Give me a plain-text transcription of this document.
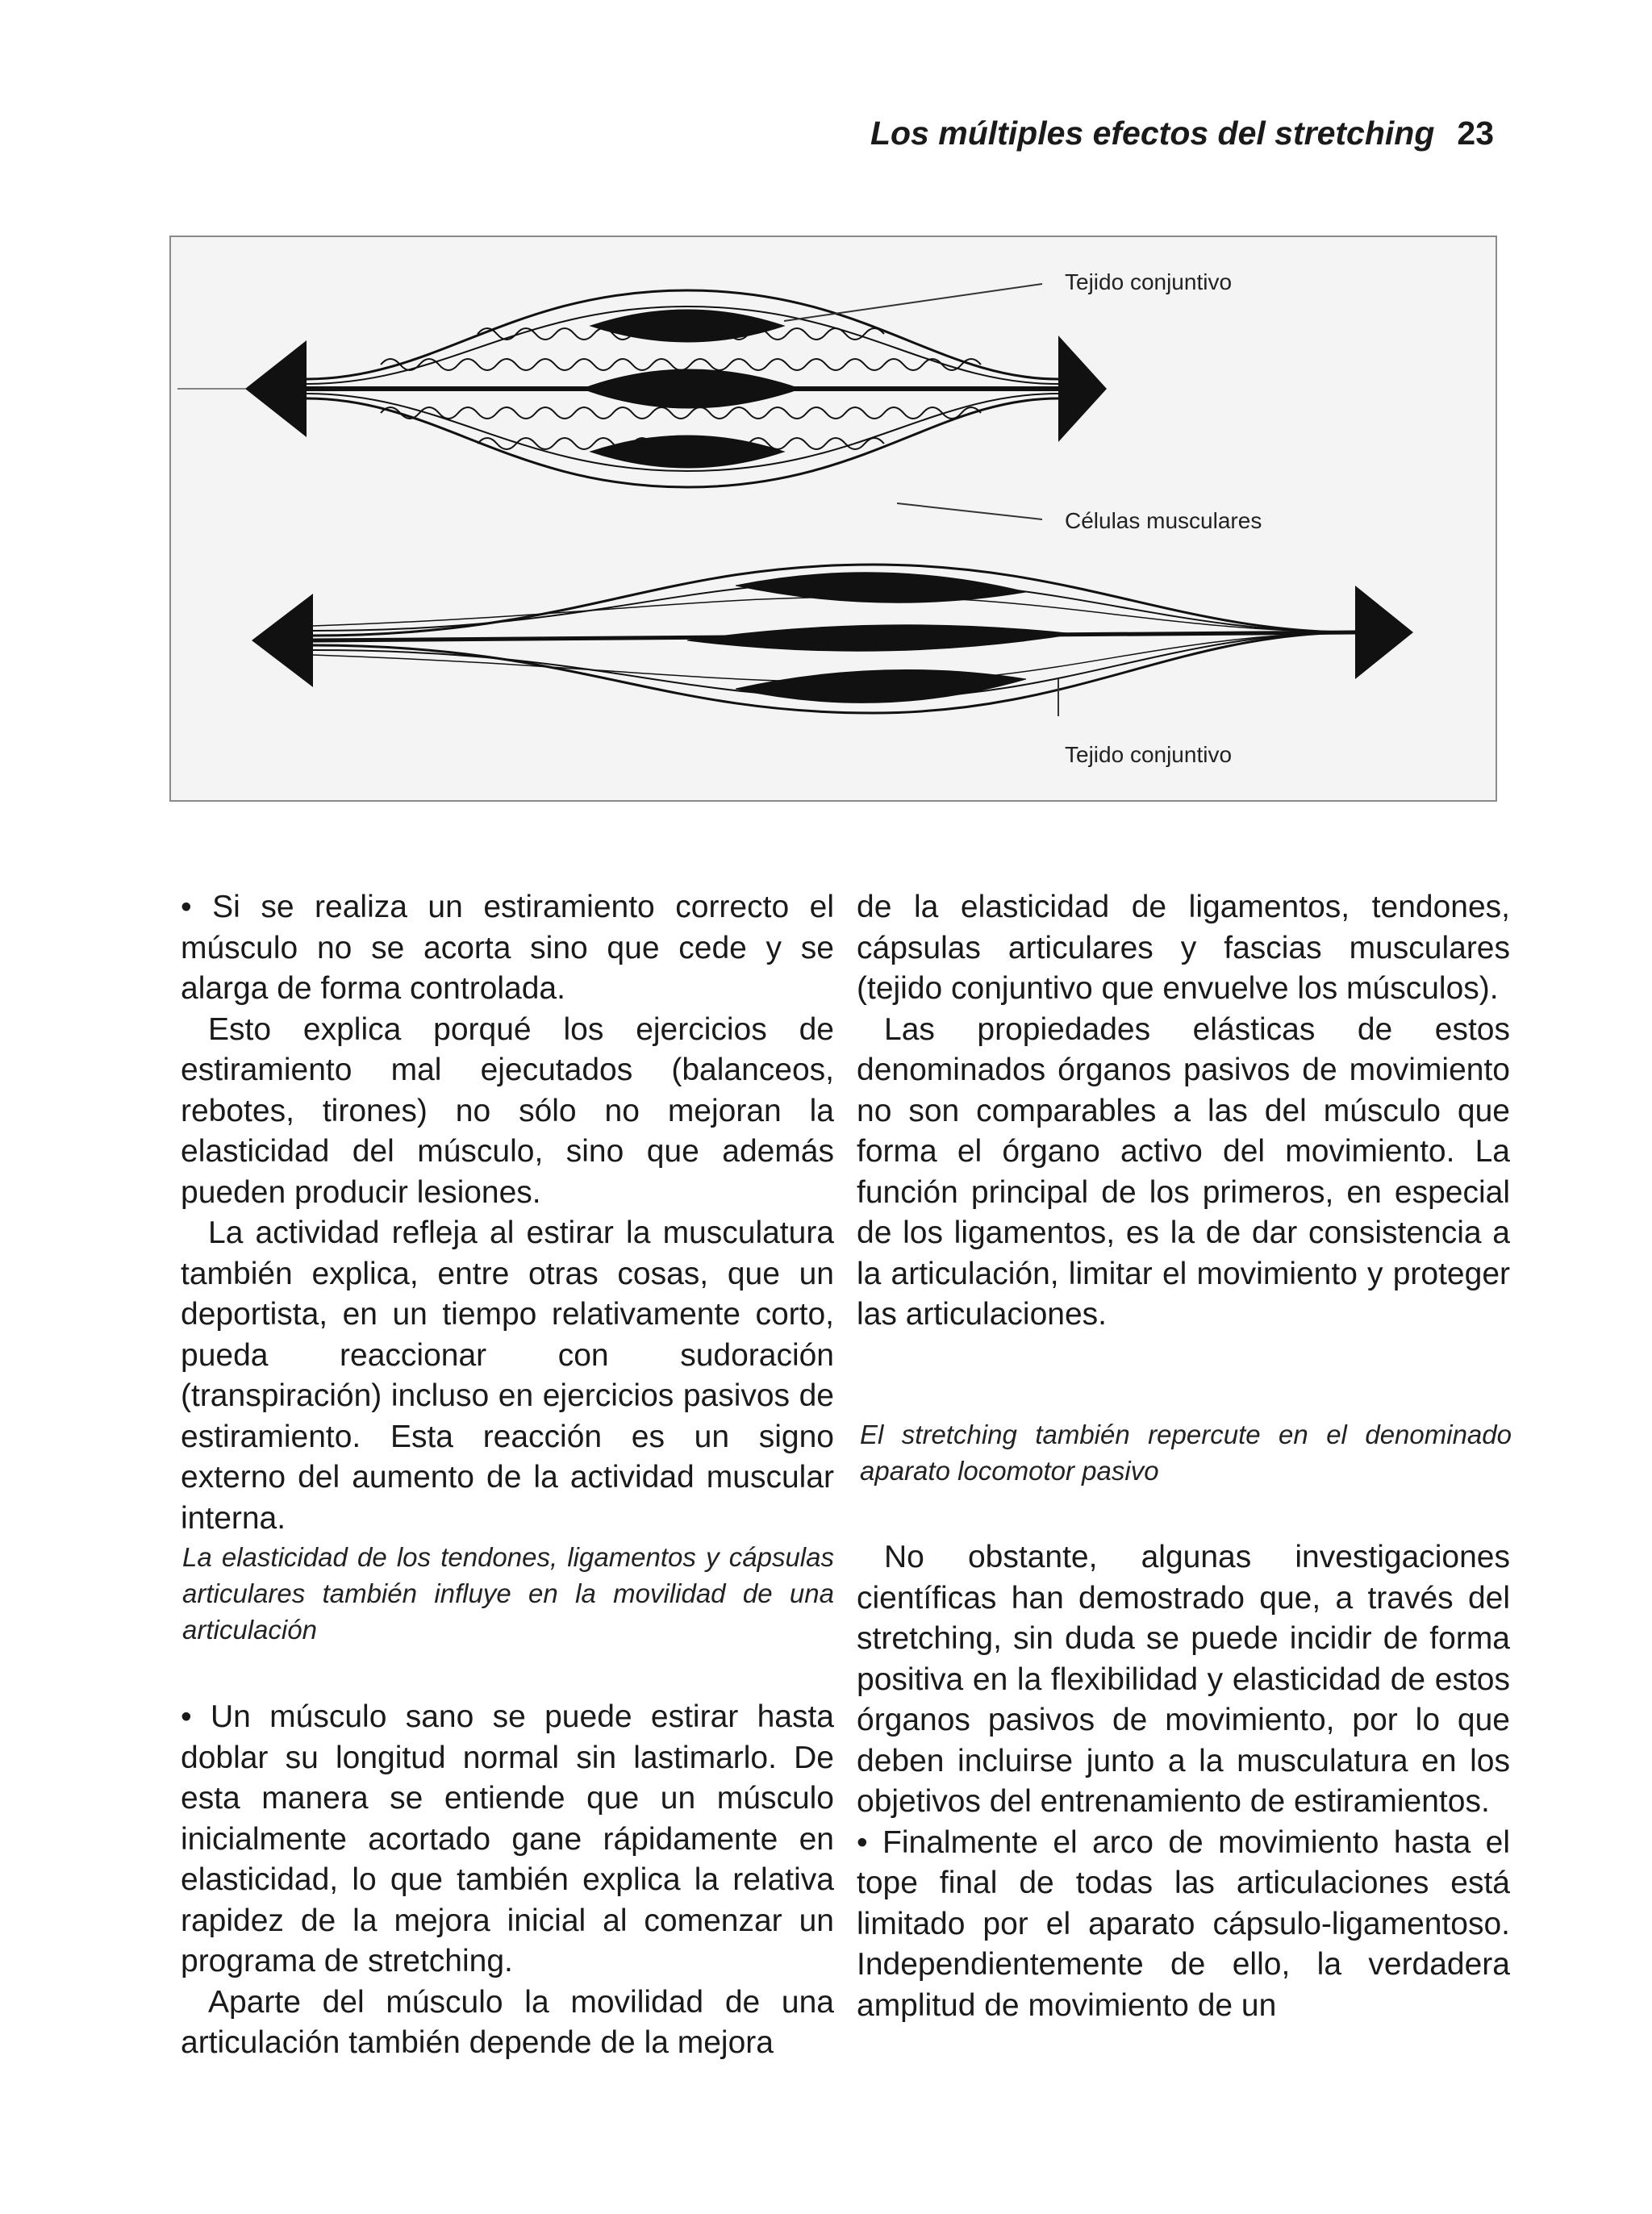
Los múltiples efectos del stretching 23
Tejido conjuntivo
Células musculares
Tejido conjuntivo

• Si se realiza un estiramiento correcto el músculo no se acorta sino que cede y se alarga de forma controlada.

Esto explica porqué los ejercicios de estiramiento mal ejecutados (balanceos, rebotes, tirones) no sólo no mejoran la elasticidad del músculo, sino que además pueden producir lesiones.

La actividad refleja al estirar la musculatura también explica, entre otras cosas, que un deportista, en un tiempo relativamente corto, pueda reaccionar con sudoración (transpiración) incluso en ejercicios pasivos de estiramiento. Esta reacción es un signo externo del aumento de la actividad muscular interna.

La elasticidad de los tendones, ligamentos y cápsulas articulares también influye en la movilidad de una articulación

• Un músculo sano se puede estirar hasta doblar su longitud normal sin lastimarlo. De esta manera se entiende que un músculo inicialmente acortado gane rápidamente en elasticidad, lo que también explica la relativa rapidez de la mejora inicial al comenzar un programa de stretching.

Aparte del músculo la movilidad de una articulación también depende de la mejora

de la elasticidad de ligamentos, tendones, cápsulas articulares y fascias musculares (tejido conjuntivo que envuelve los músculos).

Las propiedades elásticas de estos denominados órganos pasivos de movimiento no son comparables a las del músculo que forma el órgano activo del movimiento. La función principal de los primeros, en especial de los ligamentos, es la de dar consistencia a la articulación, limitar el movimiento y proteger las articulaciones.

El stretching también repercute en el denominado aparato locomotor pasivo

No obstante, algunas investigaciones científicas han demostrado que, a través del stretching, sin duda se puede incidir de forma positiva en la flexibilidad y elasticidad de estos órganos pasivos de movimiento, por lo que deben incluirse junto a la musculatura en los objetivos del entrenamiento de estiramientos.

• Finalmente el arco de movimiento hasta el tope final de todas las articulaciones está limitado por el aparato cápsulo-ligamentoso. Independientemente de ello, la verdadera amplitud de movimiento de un
